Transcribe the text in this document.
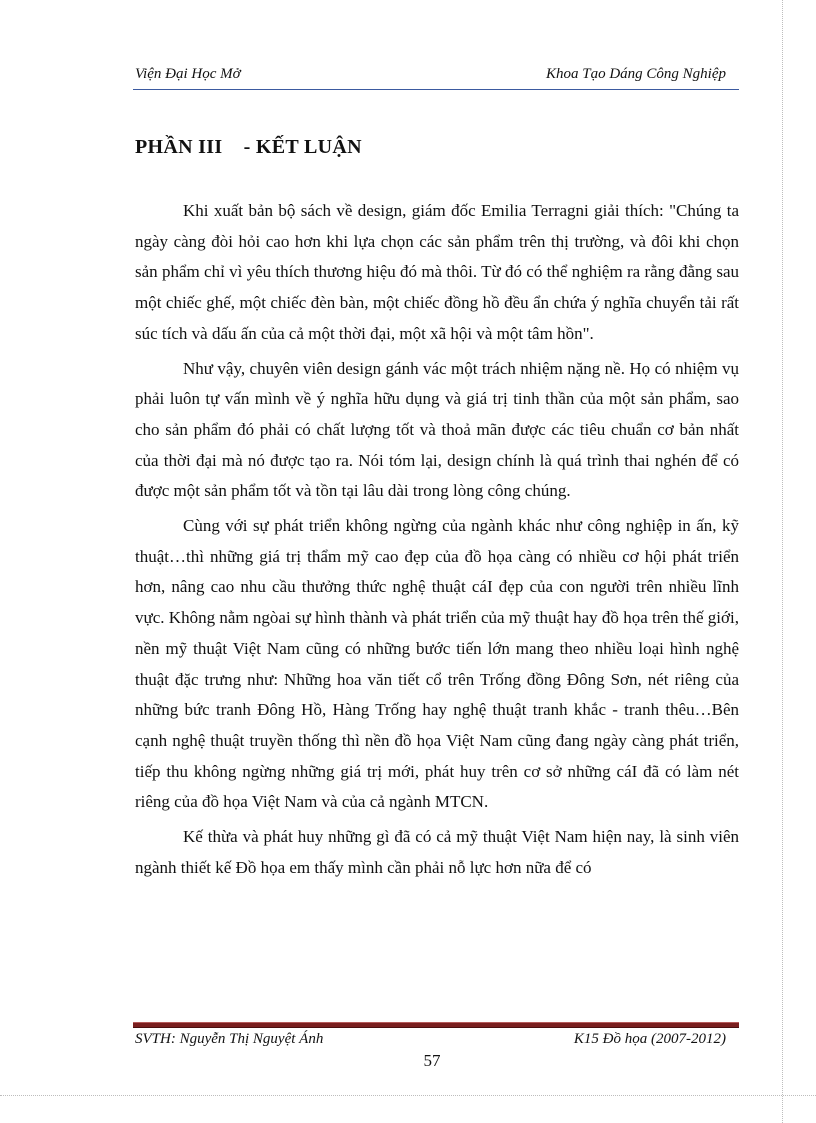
Viện Đại Học Mở	Khoa Tạo Dáng Công Nghiệp
PHẦN III    - KẾT LUẬN

Khi xuất bản bộ sách về design, giám đốc Emilia Terragni giải thích: "Chúng ta ngày càng đòi hỏi cao hơn khi lựa chọn các sản phẩm trên thị trường, và đôi khi chọn sản phẩm chỉ vì yêu thích thương hiệu đó mà thôi. Từ đó có thể nghiệm ra rằng đằng sau một chiếc ghế, một chiếc đèn bàn, một chiếc đồng hồ đều ẩn chứa ý nghĩa chuyển tải rất súc tích và dấu ấn của cả một thời đại, một xã hội và một tâm hồn".

Như vậy, chuyên viên design gánh vác một trách nhiệm nặng nề. Họ có nhiệm vụ phải luôn tự vấn mình về ý nghĩa hữu dụng và giá trị tinh thần của một sản phẩm, sao cho sản phẩm đó phải có chất lượng tốt và thoả mãn được các tiêu chuẩn cơ bản nhất của thời đại mà nó được tạo ra. Nói tóm lại, design chính là quá trình thai nghén để có được một sản phẩm tốt và tồn tại lâu dài trong lòng công chúng.

Cùng với sự phát triển không ngừng của ngành khác như công nghiệp in ấn, kỹ thuật…thì những giá trị thẩm mỹ cao đẹp của đồ họa càng có nhiều cơ hội phát triển hơn, nâng cao nhu cầu thưởng thức nghệ thuật cáI đẹp của con người trên nhiều lĩnh vực. Không nằm ngòai sự hình thành và phát triển của mỹ thuật hay đồ họa trên thế giới, nền mỹ thuật Việt Nam cũng có những bước tiến lớn mang theo nhiều loại hình nghệ thuật đặc trưng như: Những hoa văn tiết cổ trên Trống đồng Đông Sơn, nét riêng của những bức tranh Đông Hồ, Hàng Trống hay nghệ thuật tranh khắc - tranh thêu…Bên cạnh nghệ thuật truyền thống thì nền đồ họa Việt Nam cũng đang ngày càng phát triển, tiếp thu không ngừng những giá trị mới, phát huy trên cơ sở những cáI đã có làm nét riêng của đồ họa Việt Nam và của cả ngành MTCN.

Kế thừa và phát huy những gì đã có cả mỹ thuật Việt Nam hiện nay, là sinh viên ngành thiết kế Đồ họa em thấy mình cần phải nỗ lực hơn nữa để có

SVTH: Nguyễn Thị Nguyệt Ánh	K15 Đồ họa (2007-2012)
57
